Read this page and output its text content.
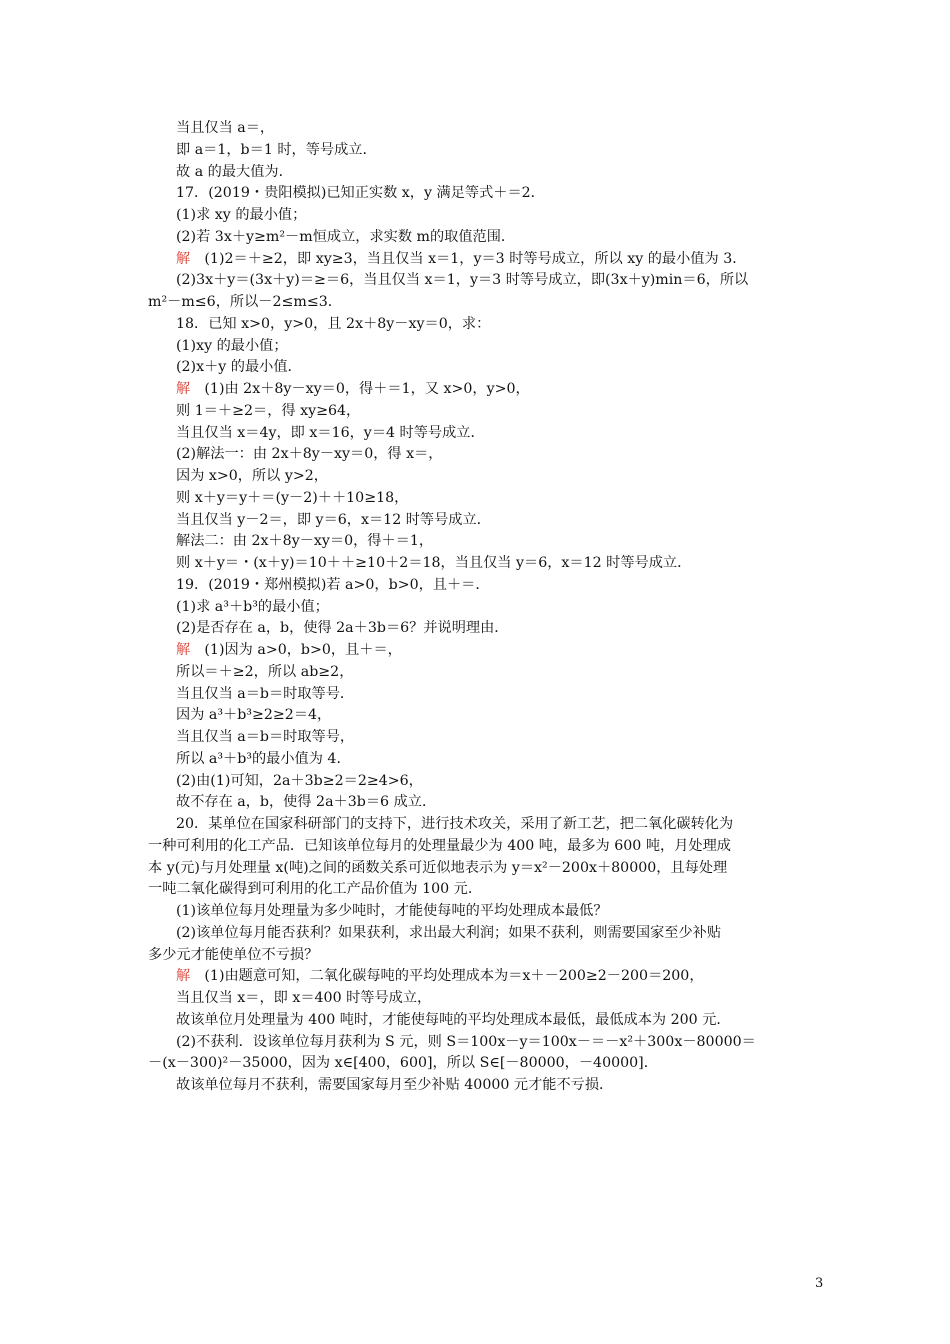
当且仅当 a＝，
即 a＝1，b＝1 时，等号成立．
故 a 的最大值为．
17．(2019・贵阳模拟)已知正实数 x，y 满足等式＋＝2．
(1)求 xy 的最小值；
(2)若 3x＋y≥m²－m恒成立，求实数 m的取值范围．
解　(1)2＝＋≥2，即 xy≥3，当且仅当 x＝1，y＝3 时等号成立，所以 xy 的最小值为 3．
(2)3x＋y＝(3x＋y)＝≥＝6，当且仅当 x＝1，y＝3 时等号成立，即(3x＋y)min＝6，所以
m²－m≤6，所以－2≤m≤3．
18．已知 x>0，y>0，且 2x＋8y－xy＝0，求：
(1)xy 的最小值；
(2)x＋y 的最小值．
解　(1)由 2x＋8y－xy＝0，得＋＝1，又 x>0，y>0，
则 1＝＋≥2＝，得 xy≥64，
当且仅当 x＝4y，即 x＝16，y＝4 时等号成立．
(2)解法一：由 2x＋8y－xy＝0，得 x＝，
因为 x>0，所以 y>2，
则 x＋y＝y＋＝(y－2)＋＋10≥18，
当且仅当 y－2＝，即 y＝6，x＝12 时等号成立．
解法二：由 2x＋8y－xy＝0，得＋＝1，
则 x＋y＝・(x＋y)＝10＋＋≥10＋2＝18，当且仅当 y＝6，x＝12 时等号成立．
19．(2019・郑州模拟)若 a>0，b>0，且＋＝．
(1)求 a³＋b³的最小值；
(2)是否存在 a，b，使得 2a＋3b＝6？并说明理由．
解　(1)因为 a>0，b>0，且＋＝，
所以＝＋≥2，所以 ab≥2，
当且仅当 a＝b＝时取等号．
因为 a³＋b³≥2≥2＝4，
当且仅当 a＝b＝时取等号，
所以 a³＋b³的最小值为 4．
(2)由(1)可知，2a＋3b≥2＝2≥4>6，
故不存在 a，b，使得 2a＋3b＝6 成立．
20．某单位在国家科研部门的支持下，进行技术攻关，采用了新工艺，把二氧化碳转化为
一种可利用的化工产品．已知该单位每月的处理量最少为 400 吨，最多为 600 吨，月处理成
本 y(元)与月处理量 x(吨)之间的函数关系可近似地表示为 y＝x²－200x＋80000，且每处理
一吨二氧化碳得到可利用的化工产品价值为 100 元．
(1)该单位每月处理量为多少吨时，才能使每吨的平均处理成本最低？
(2)该单位每月能否获利？如果获利，求出最大利润；如果不获利，则需要国家至少补贴
多少元才能使单位不亏损？
解　(1)由题意可知，二氧化碳每吨的平均处理成本为＝x＋－200≥2－200＝200，
当且仅当 x＝，即 x＝400 时等号成立，
故该单位月处理量为 400 吨时，才能使每吨的平均处理成本最低，最低成本为 200 元．
(2)不获利．设该单位每月获利为 S 元，则 S＝100x－y＝100x－＝－x²＋300x－80000＝
－(x－300)²－35000，因为 x∈[400，600]，所以 S∈[－80000，－40000]．
故该单位每月不获利，需要国家每月至少补贴 40000 元才能不亏损．
3
